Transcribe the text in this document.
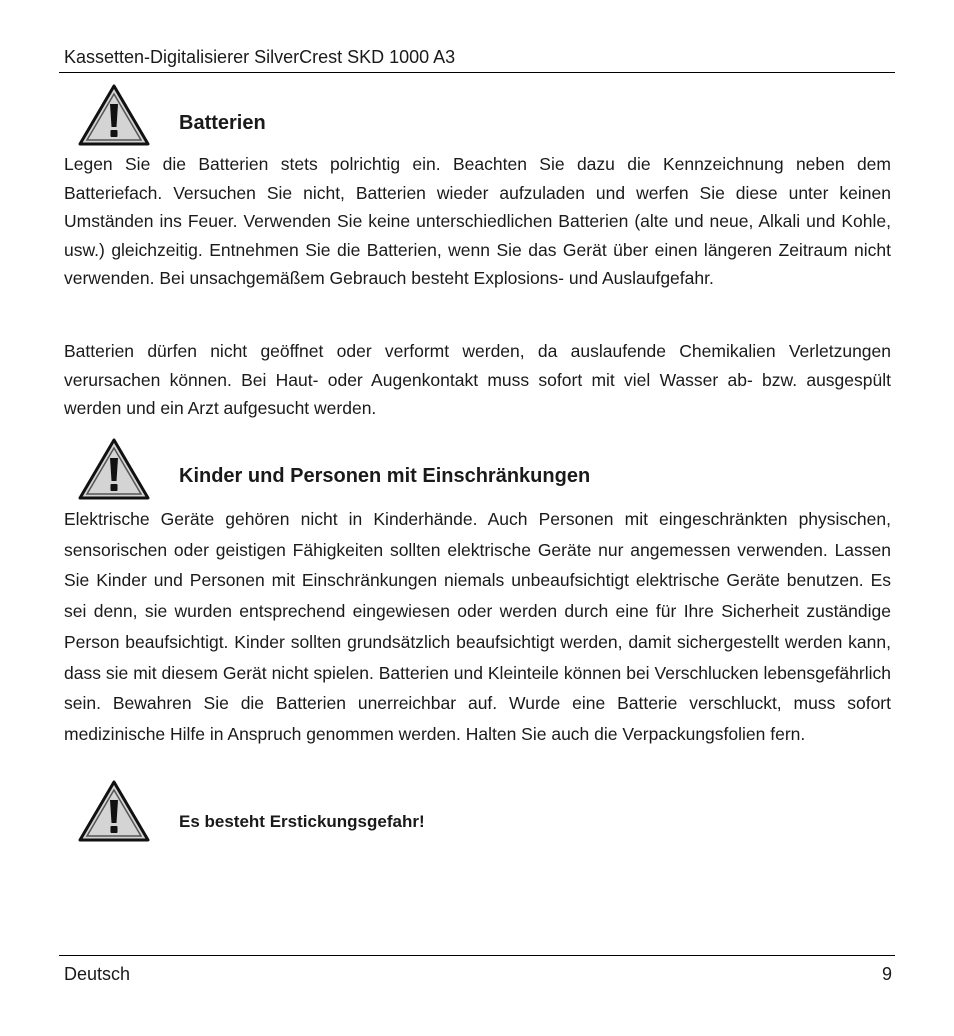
Kassetten-Digitalisierer SilverCrest SKD 1000 A3
Batterien

Legen Sie die Batterien stets polrichtig ein. Beachten Sie dazu die Kennzeichnung neben dem Batteriefach. Versuchen Sie nicht, Batterien wieder aufzuladen und werfen Sie diese unter keinen Umständen ins Feuer. Verwenden Sie keine unterschiedlichen Batterien (alte und neue, Alkali und Kohle, usw.) gleichzeitig. Entnehmen Sie die Batterien, wenn Sie das Gerät über einen längeren Zeitraum nicht verwenden. Bei unsachgemäßem Gebrauch besteht Explosions- und Auslaufgefahr.

Batterien dürfen nicht geöffnet oder verformt werden, da auslaufende Chemikalien Verletzungen verursachen können. Bei Haut- oder Augenkontakt muss sofort mit viel Wasser ab- bzw. ausgespült werden und ein Arzt aufgesucht werden.

Kinder und Personen mit Einschränkungen

Elektrische Geräte gehören nicht in Kinderhände. Auch Personen mit eingeschränkten physischen, sensorischen oder geistigen Fähigkeiten sollten elektrische Geräte nur angemessen verwenden. Lassen Sie Kinder und Personen mit Einschränkungen niemals unbeaufsichtigt elektrische Geräte benutzen. Es sei denn, sie wurden entsprechend eingewiesen oder werden durch eine für Ihre Sicherheit zuständige Person beaufsichtigt. Kinder sollten grundsätzlich beaufsichtigt werden, damit sichergestellt werden kann, dass sie mit diesem Gerät nicht spielen. Batterien und Kleinteile können bei Verschlucken lebensgefährlich sein. Bewahren Sie die Batterien unerreichbar auf. Wurde eine Batterie verschluckt, muss sofort medizinische Hilfe in Anspruch genommen werden. Halten Sie auch die Verpackungsfolien fern.

Es besteht Erstickungsgefahr!
Deutsch	9
